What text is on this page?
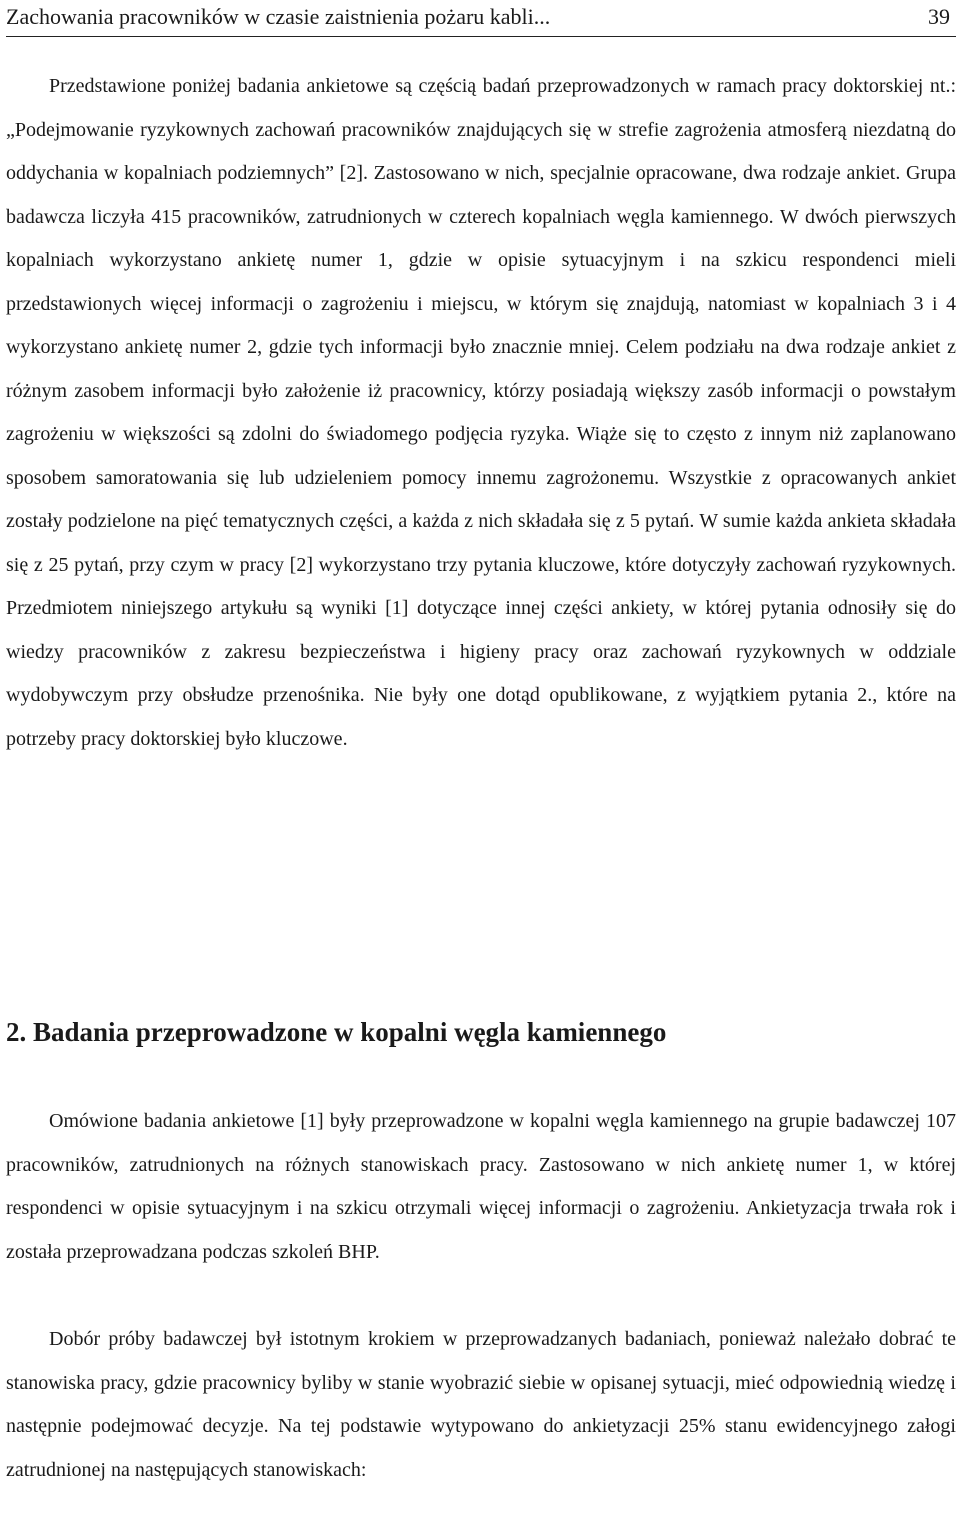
Zachowania pracowników w czasie zaistnienia pożaru kabli...	39

Przedstawione poniżej badania ankietowe są częścią badań przeprowadzonych w ramach pracy doktorskiej nt.: „Podejmowanie ryzykownych zachowań pracowników znajdujących się w strefie zagrożenia atmosferą niezdatną do oddychania w kopalniach podziemnych” [2]. Zastosowano w nich, specjalnie opracowane, dwa rodzaje ankiet. Grupa badawcza liczyła 415 pracowników, zatrudnionych w czterech kopalniach węgla kamiennego. W dwóch pierwszych kopalniach wykorzystano ankietę numer 1, gdzie w opisie sytuacyjnym i na szkicu respondenci mieli przedstawionych więcej informacji o zagrożeniu i miejscu, w którym się znajdują, natomiast w kopalniach 3 i 4 wykorzystano ankietę numer 2, gdzie tych informacji było znacznie mniej. Celem podziału na dwa rodzaje ankiet z różnym zasobem informacji było założenie iż pracownicy, którzy posiadają większy zasób informacji o powstałym zagrożeniu w większości są zdolni do świadomego podjęcia ryzyka. Wiąże się to często z innym niż zaplanowano sposobem samoratowania się lub udzieleniem pomocy innemu zagrożonemu. Wszystkie z opracowanych ankiet zostały podzielone na pięć tematycznych części, a każda z nich składała się z 5 pytań. W sumie każda ankieta składała się z 25 pytań, przy czym w pracy [2] wykorzystano trzy pytania kluczowe, które dotyczyły zachowań ryzykownych. Przedmiotem niniejszego artykułu są wyniki [1] dotyczące innej części ankiety, w której pytania odnosiły się do wiedzy pracowników z zakresu bezpieczeństwa i higieny pracy oraz zachowań ryzykownych w oddziale wydobywczym przy obsłudze przenośnika. Nie były one dotąd opublikowane, z wyjątkiem pytania 2., które na potrzeby pracy doktorskiej było kluczowe.

2. Badania przeprowadzone w kopalni węgla kamiennego

Omówione badania ankietowe [1] były przeprowadzone w kopalni węgla kamiennego na grupie badawczej 107 pracowników, zatrudnionych na różnych stanowiskach pracy. Zastosowano w nich ankietę numer 1, w której respondenci w opisie sytuacyjnym i na szkicu otrzymali więcej informacji o zagrożeniu. Ankietyzacja trwała rok i została przeprowadzana podczas szkoleń BHP.

Dobór próby badawczej był istotnym krokiem w przeprowadzanych badaniach, ponieważ należało dobrać te stanowiska pracy, gdzie pracownicy byliby w stanie wyobrazić siebie w opisanej sytuacji, mieć odpowiednią wiedzę i następnie podejmować decyzje. Na tej podstawie wytypowano do ankietyzacji 25% stanu ewidencyjnego załogi zatrudnionej na następujących stanowiskach:
